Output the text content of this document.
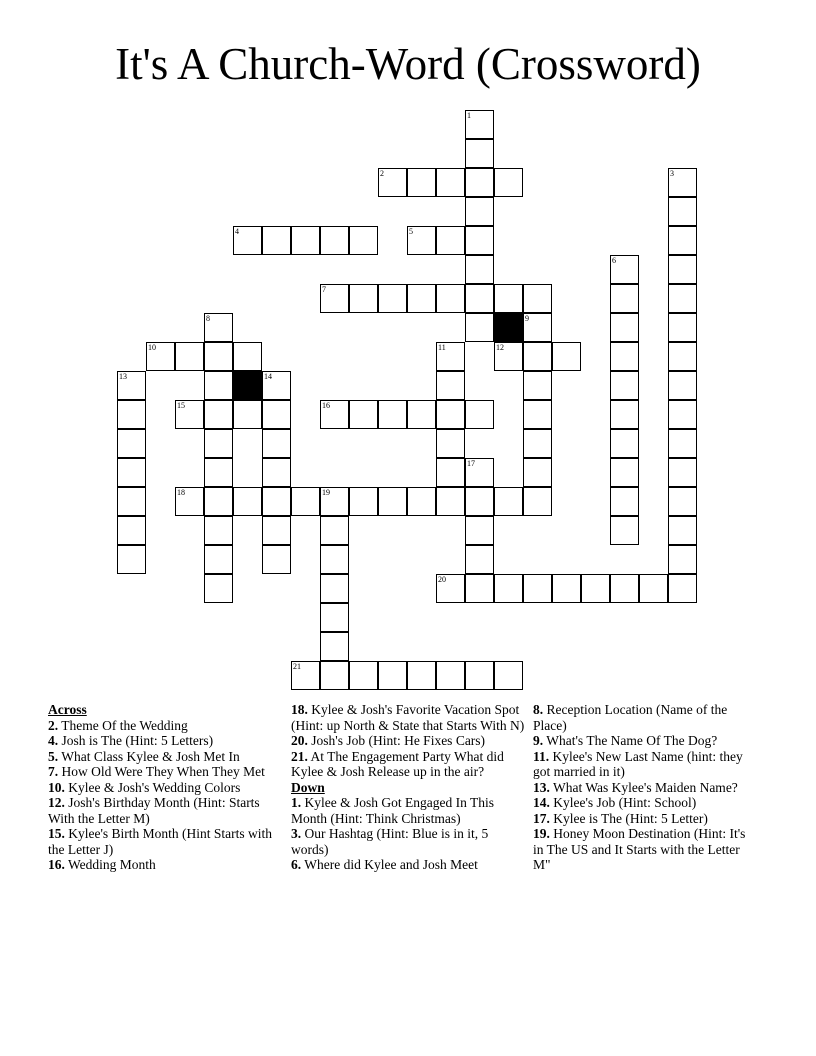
It's A Church-Word (Crossword)
2
4	5
7
10	12
15	16
18	19
20
21
1
3
6
8	9
11
13	14
17
Across
2. Theme Of the Wedding
4. Josh is The (Hint: 5 Letters)
5. What Class Kylee & Josh Met In
7. How Old Were They When They Met
10. Kylee & Josh's Wedding Colors
12. Josh's Birthday Month (Hint: Starts With the Letter M)
15. Kylee's Birth Month (Hint Starts with the Letter J)
16. Wedding Month
18. Kylee & Josh's Favorite Vacation Spot (Hint: up North & State that Starts With N)
20. Josh's Job (Hint: He Fixes Cars)
21. At The Engagement Party What did Kylee & Josh Release up in the air?
Down
1. Kylee & Josh Got Engaged In This Month (Hint: Think Christmas)
3. Our Hashtag (Hint: Blue is in it, 5 words)
6. Where did Kylee and Josh Meet
8. Reception Location (Name of the Place)
9. What's The Name Of The Dog?
11. Kylee's New Last Name (hint: they got married in it)
13. What Was Kylee's Maiden Name?
14. Kylee's Job (Hint: School)
17. Kylee is The (Hint: 5 Letter)
19. Honey Moon Destination (Hint: It's in The US and It Starts with the Letter M"
